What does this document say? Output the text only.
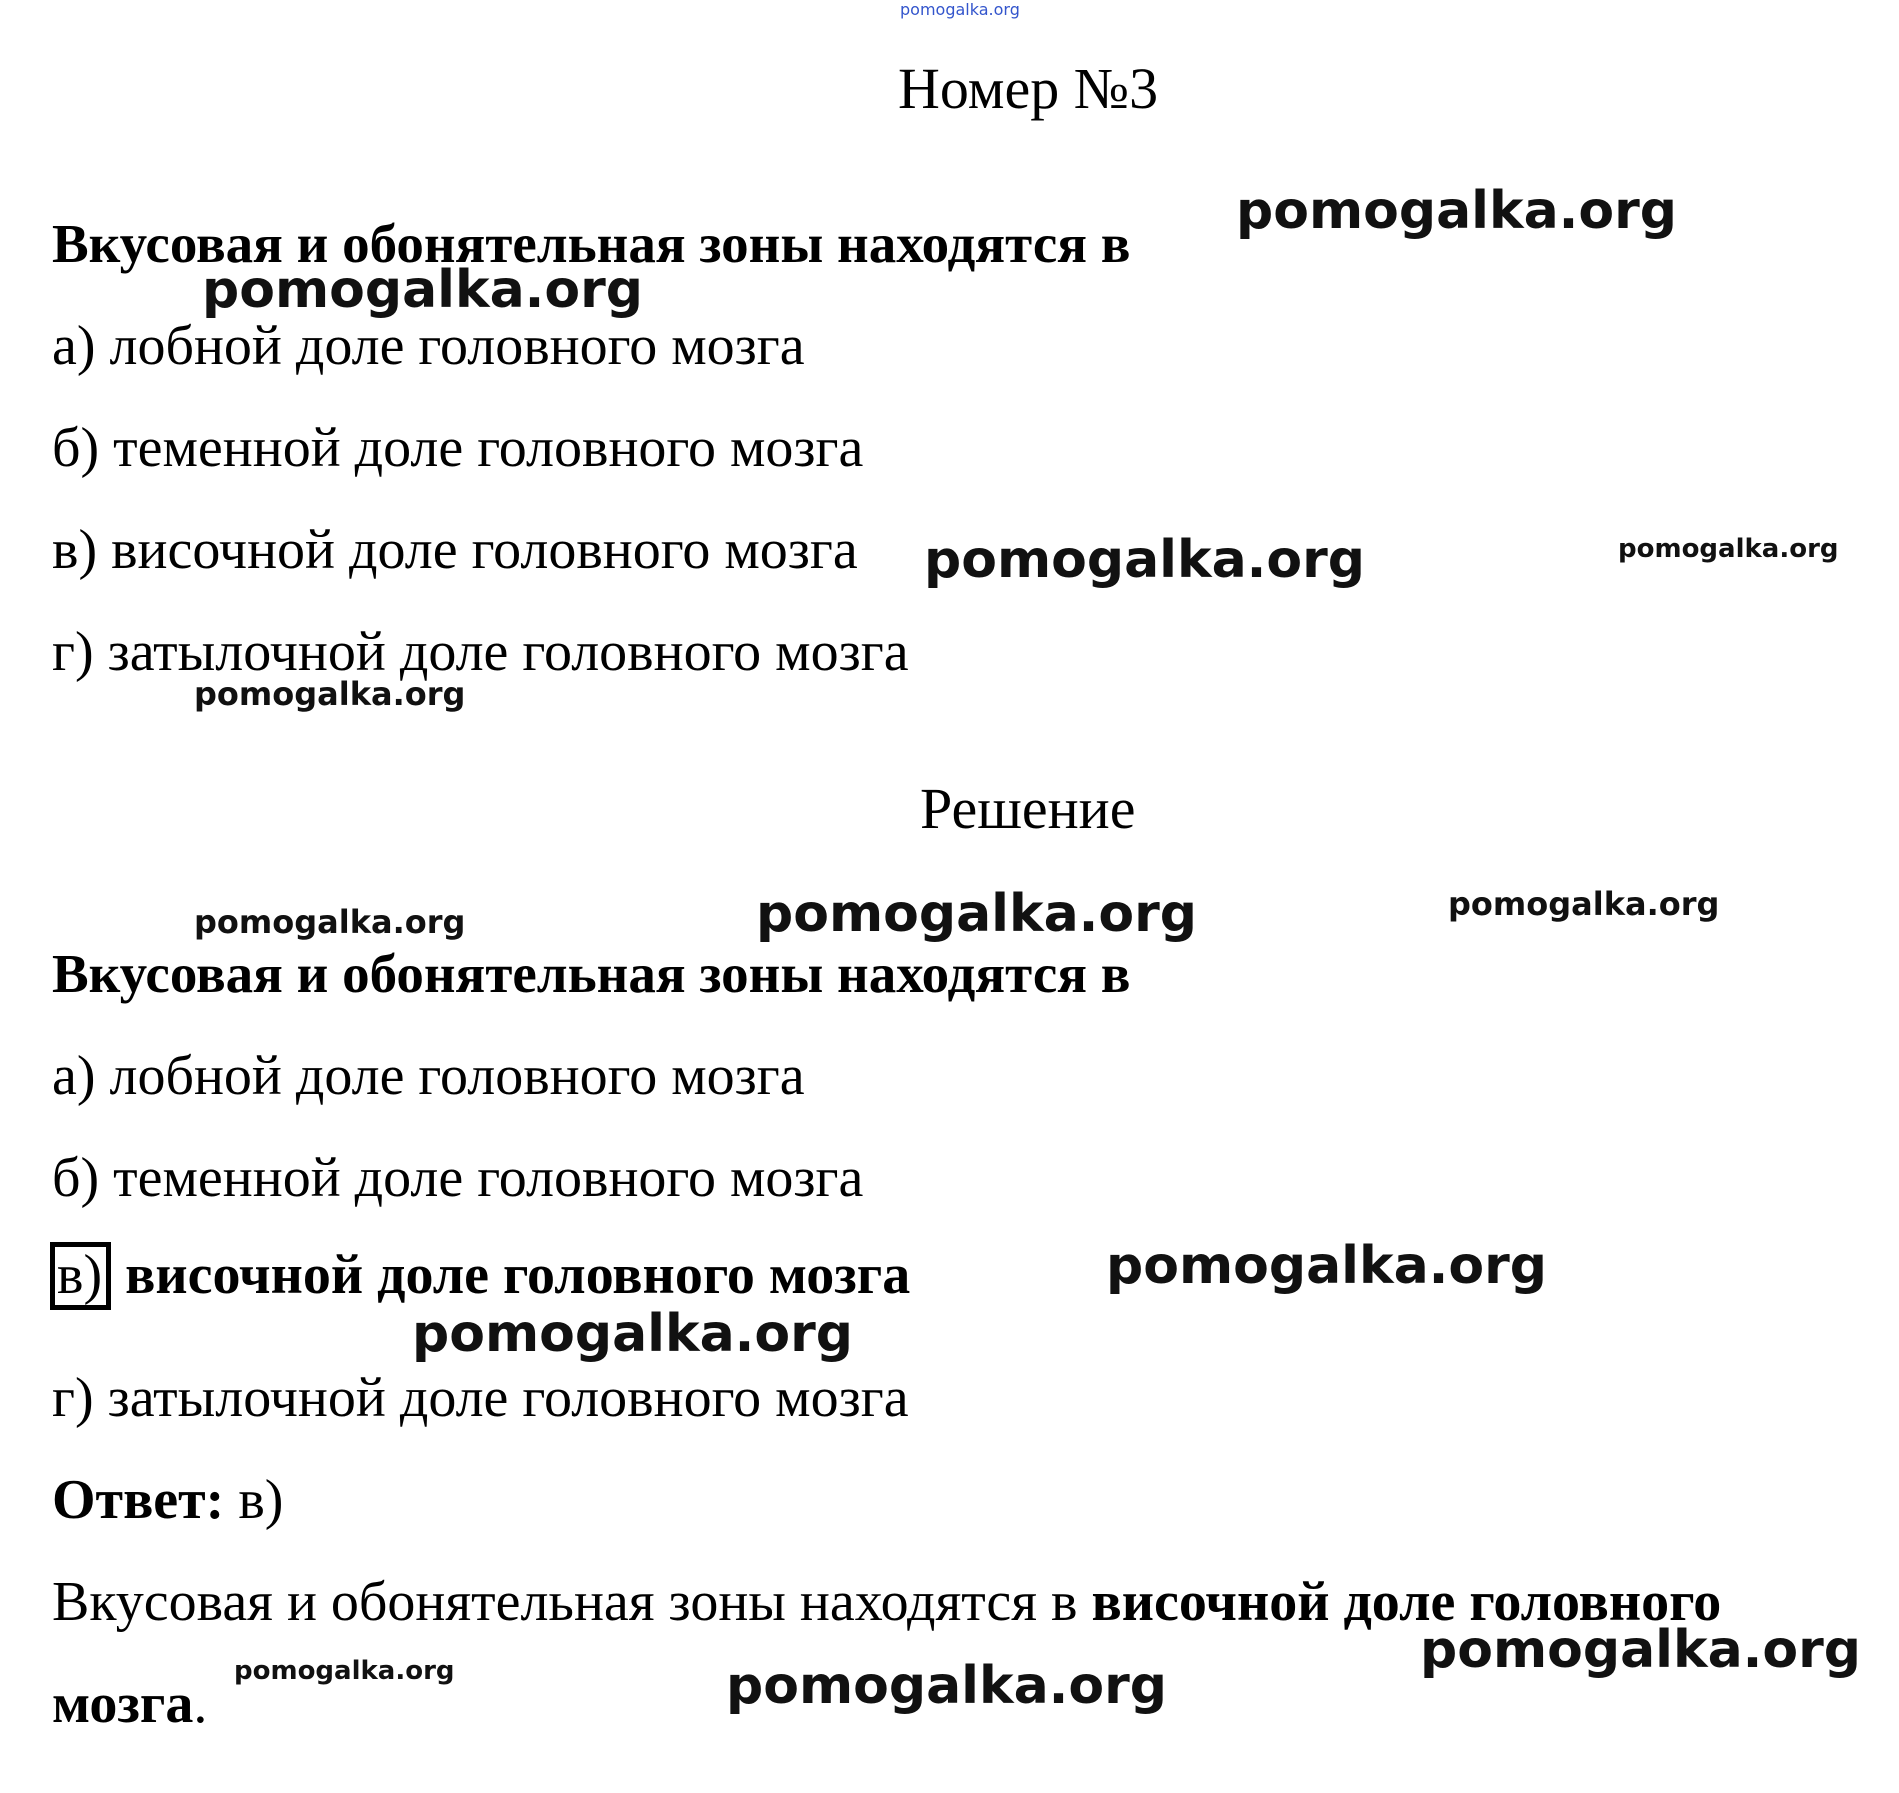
pomogalka.org
Номер №3
Вкусовая и обонятельная зоны находятся в
pomogalka.org
pomogalka.org
а) лобной доле головного мозга
б) теменной доле головного мозга
в) височной доле головного мозга pomogalka.org	pomogalka.org
г) затылочной доле головного мозга
pomogalka.org
Решение
pomogalka.org	pomogalka.org	pomogalka.org
Вкусовая и обонятельная зоны находятся в
а) лобной доле головного мозга
б) теменной доле головного мозга
в) височной доле головного мозга	pomogalka.org
pomogalka.org
г) затылочной доле головного мозга
Ответ: в)
Вкусовая и обонятельная зоны находятся в височной доле головного
pomogalka.org
pomogalka.org	pomogalka.org
мозга.
